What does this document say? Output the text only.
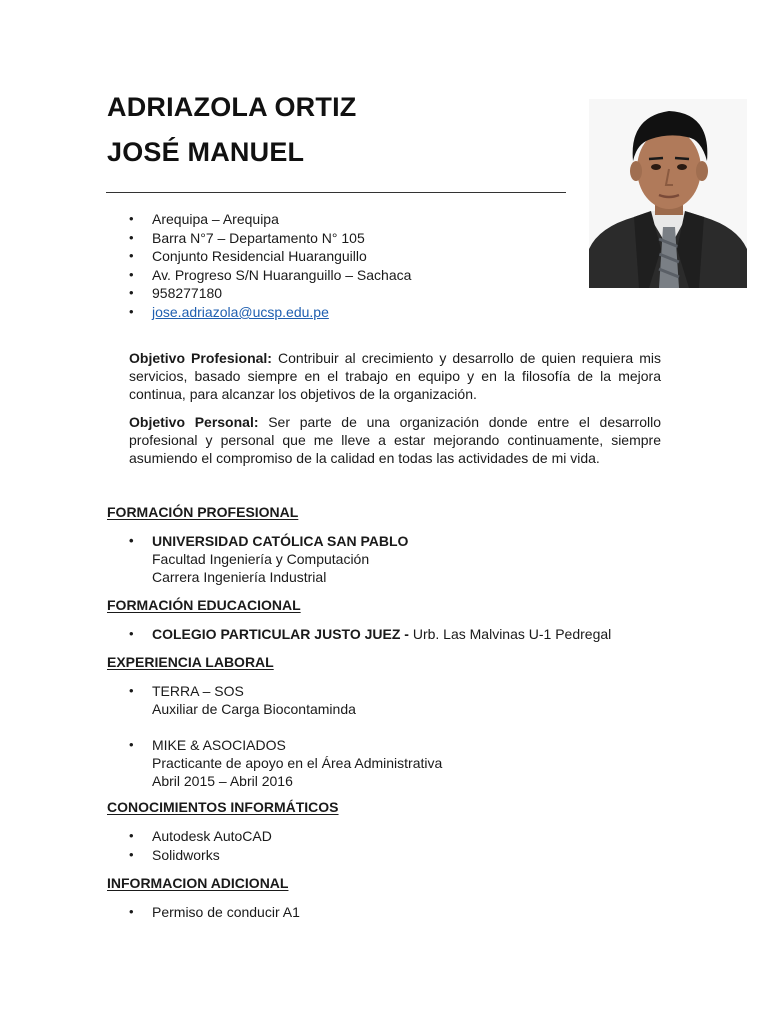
ADRIAZOLA ORTIZ
JOSÉ MANUEL
• Arequipa – Arequipa
• Barra N°7 – Departamento N° 105
• Conjunto Residencial Huaranguillo
• Av. Progreso S/N Huaranguillo – Sachaca
• 958277180
• jose.adriazola@ucsp.edu.pe

Objetivo Profesional: Contribuir al crecimiento y desarrollo de quien requiera mis servicios, basado siempre en el trabajo en equipo y en la filosofía de la mejora continua, para alcanzar los objetivos de la organización.

Objetivo Personal: Ser parte de una organización donde entre el desarrollo profesional y personal que me lleve a estar mejorando continuamente, siempre asumiendo el compromiso de la calidad en todas las actividades de mi vida.

FORMACIÓN PROFESIONAL
• UNIVERSIDAD CATÓLICA SAN PABLO
Facultad Ingeniería y Computación
Carrera Ingeniería Industrial
FORMACIÓN EDUCACIONAL
• COLEGIO PARTICULAR JUSTO JUEZ - Urb. Las Malvinas U-1 Pedregal
EXPERIENCIA LABORAL
• TERRA – SOS
Auxiliar de Carga Biocontaminda
• MIKE & ASOCIADOS
Practicante de apoyo en el Área Administrativa
Abril 2015 – Abril 2016
CONOCIMIENTOS INFORMÁTICOS
• Autodesk AutoCAD
• Solidworks
INFORMACION ADICIONAL
• Permiso de conducir A1
